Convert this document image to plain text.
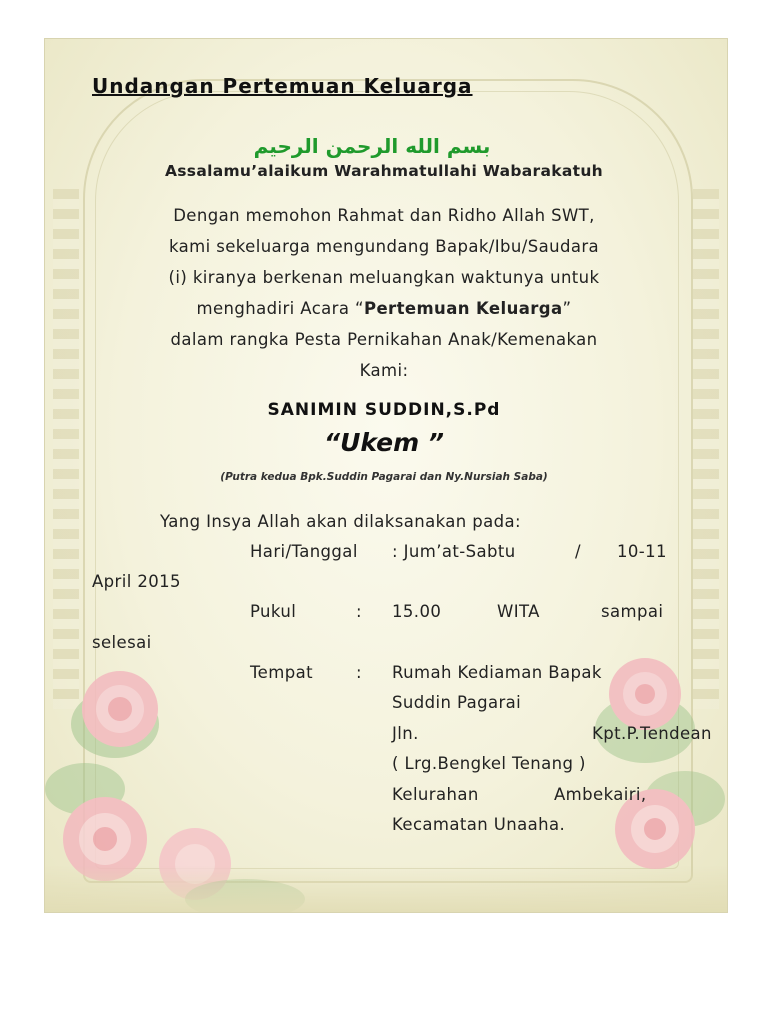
Undangan Pertemuan Keluarga
بسم الله الرحمن الرحيم
Assalamu’alaikum Warahmatullahi Wabarakatuh
Dengan memohon Rahmat dan Ridho Allah SWT,
kami sekeluarga mengundang Bapak/Ibu/Saudara
(i) kiranya berkenan meluangkan waktunya untuk
menghadiri Acara “Pertemuan Keluarga”
dalam rangka Pesta Pernikahan Anak/Kemenakan
Kami:
SANIMIN SUDDIN,S.Pd
“Ukem ”
(Putra kedua Bpk.Suddin Pagarai dan Ny.Nursiah Saba)
Yang Insya Allah akan dilaksanakan pada:
Hari/Tanggal : Jum’at-Sabtu	/ 10-11
April 2015
Pukul	: 15.00	WITA	sampai
selesai
Tempat	: Rumah Kediaman Bapak
Suddin Pagarai
Jln.	Kpt.P.Tendean
( Lrg.Bengkel Tenang )
Kelurahan	Ambekairi,
Kecamatan Unaaha.
